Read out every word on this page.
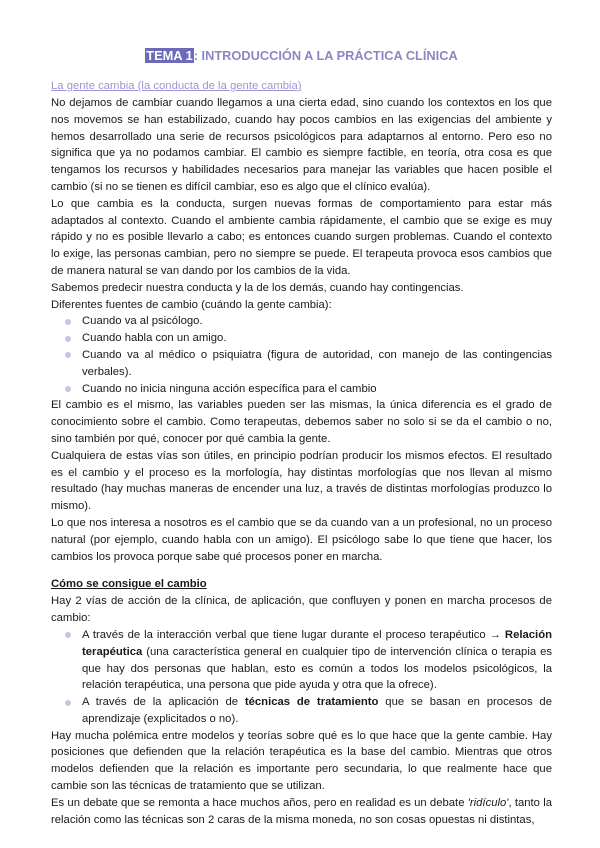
TEMA 1: INTRODUCCIÓN A LA PRÁCTICA CLÍNICA
La gente cambia (la conducta de la gente cambia)

No dejamos de cambiar cuando llegamos a una cierta edad, sino cuando los contextos en los que nos movemos se han estabilizado, cuando hay pocos cambios en las exigencias del ambiente y hemos desarrollado una serie de recursos psicológicos para adaptarnos al entorno. Pero eso no significa que ya no podamos cambiar. El cambio es siempre factible, en teoría, otra cosa es que tengamos los recursos y habilidades necesarios para manejar las variables que hacen posible el cambio (si no se tienen es difícil cambiar, eso es algo que el clínico evalúa).

Lo que cambia es la conducta, surgen nuevas formas de comportamiento para estar más adaptados al contexto. Cuando el ambiente cambia rápidamente, el cambio que se exige es muy rápido y no es posible llevarlo a cabo; es entonces cuando surgen problemas. Cuando el contexto lo exige, las personas cambian, pero no siempre se puede. El terapeuta provoca esos cambios que de manera natural se van dando por los cambios de la vida.

Sabemos predecir nuestra conducta y la de los demás, cuando hay contingencias.

Diferentes fuentes de cambio (cuándo la gente cambia):

Cuando va al psicólogo.
Cuando habla con un amigo.
Cuando va al médico o psiquiatra (figura de autoridad, con manejo de las contingencias verbales).
Cuando no inicia ninguna acción específica para el cambio

El cambio es el mismo, las variables pueden ser las mismas, la única diferencia es el grado de conocimiento sobre el cambio. Como terapeutas, debemos saber no solo si se da el cambio o no, sino también por qué, conocer por qué cambia la gente.

Cualquiera de estas vías son útiles, en principio podrían producir los mismos efectos. El resultado es el cambio y el proceso es la morfología, hay distintas morfologías que nos llevan al mismo resultado (hay muchas maneras de encender una luz, a través de distintas morfologías produzco lo mismo).

Lo que nos interesa a nosotros es el cambio que se da cuando van a un profesional, no un proceso natural (por ejemplo, cuando habla con un amigo). El psicólogo sabe lo que tiene que hacer, los cambios los provoca porque sabe qué procesos poner en marcha.

Cómo se consigue el cambio

Hay 2 vías de acción de la clínica, de aplicación, que confluyen y ponen en marcha procesos de cambio:

A través de la interacción verbal que tiene lugar durante el proceso terapéutico → Relación terapéutica (una característica general en cualquier tipo de intervención clínica o terapia es que hay dos personas que hablan, esto es común a todos los modelos psicológicos, la relación terapéutica, una persona que pide ayuda y otra que la ofrece).
A través de la aplicación de técnicas de tratamiento que se basan en procesos de aprendizaje (explicitados o no).

Hay mucha polémica entre modelos y teorías sobre qué es lo que hace que la gente cambie. Hay posiciones que defienden que la relación terapéutica es la base del cambio. Mientras que otros modelos defienden que la relación es importante pero secundaria, lo que realmente hace que cambie son las técnicas de tratamiento que se utilizan.

Es un debate que se remonta a hace muchos años, pero en realidad es un debate 'ridículo', tanto la relación como las técnicas son 2 caras de la misma moneda, no son cosas opuestas ni distintas,
